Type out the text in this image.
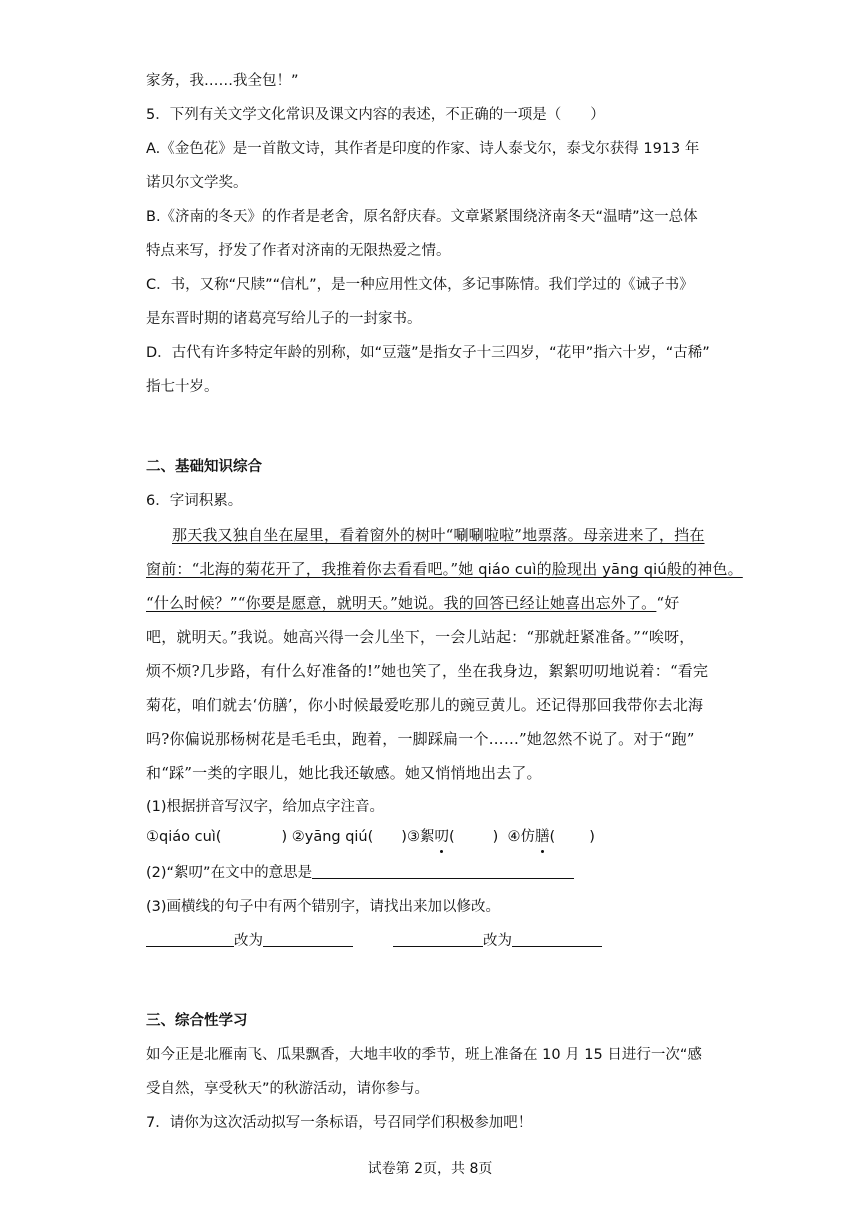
家务，我……我全包！”
5．下列有关文学文化常识及课文内容的表述，不正确的一项是（　　）
A.《金色花》是一首散文诗，其作者是印度的作家、诗人泰戈尔，泰戈尔获得 1913 年
诺贝尔文学奖。
B.《济南的冬天》的作者是老舍，原名舒庆春。文章紧紧围绕济南冬天“温晴”这一总体
特点来写，抒发了作者对济南的无限热爱之情。
C．书，又称“尺牍”“信札”，是一种应用性文体，多记事陈情。我们学过的《诫子书》
是东晋时期的诸葛亮写给儿子的一封家书。
D．古代有许多特定年龄的别称，如“豆蔻”是指女子十三四岁，“花甲”指六十岁，“古稀”
指七十岁。
二、基础知识综合
6．字词积累。
那天我又独自坐在屋里，看着窗外的树叶“唰唰啦啦”地票落。母亲进来了，挡在
窗前：“北海的菊花开了，我推着你去看看吧。”她 qiáo cuì的脸现出 yāng qiú般的神色。
“什么时候？”“你要是愿意，就明天。”她说。我的回答已经让她喜出忘外了。“好
吧，就明天。”我说。她高兴得一会儿坐下，一会儿站起：“那就赶紧准备。”“唉呀，
烦不烦?几步路，有什么好准备的!”她也笑了，坐在我身边，絮絮叨叨地说着：“看完
菊花，咱们就去‘仿膳’，你小时候最爱吃那儿的豌豆黄儿。还记得那回我带你去北海
吗?你偏说那杨树花是毛毛虫，跑着，一脚踩扁一个……”她忽然不说了。对于“跑”
和“踩”一类的字眼儿，她比我还敏感。她又悄悄地出去了。
(1)根据拼音写汉字，给加点字注音。
①qiáo cuì(	) ②yāng qiú( )③絮叨(	) ④仿膳( )
(2)“絮叨”在文中的意思是
(3)画横线的句子中有两个错别字，请找出来加以修改。
改为	改为
三、综合性学习
如今正是北雁南飞、瓜果飘香，大地丰收的季节，班上准备在 10 月 15 日进行一次“感
受自然，享受秋天”的秋游活动，请你参与。
7．请你为这次活动拟写一条标语，号召同学们积极参加吧！
试卷第 2页，共 8页
